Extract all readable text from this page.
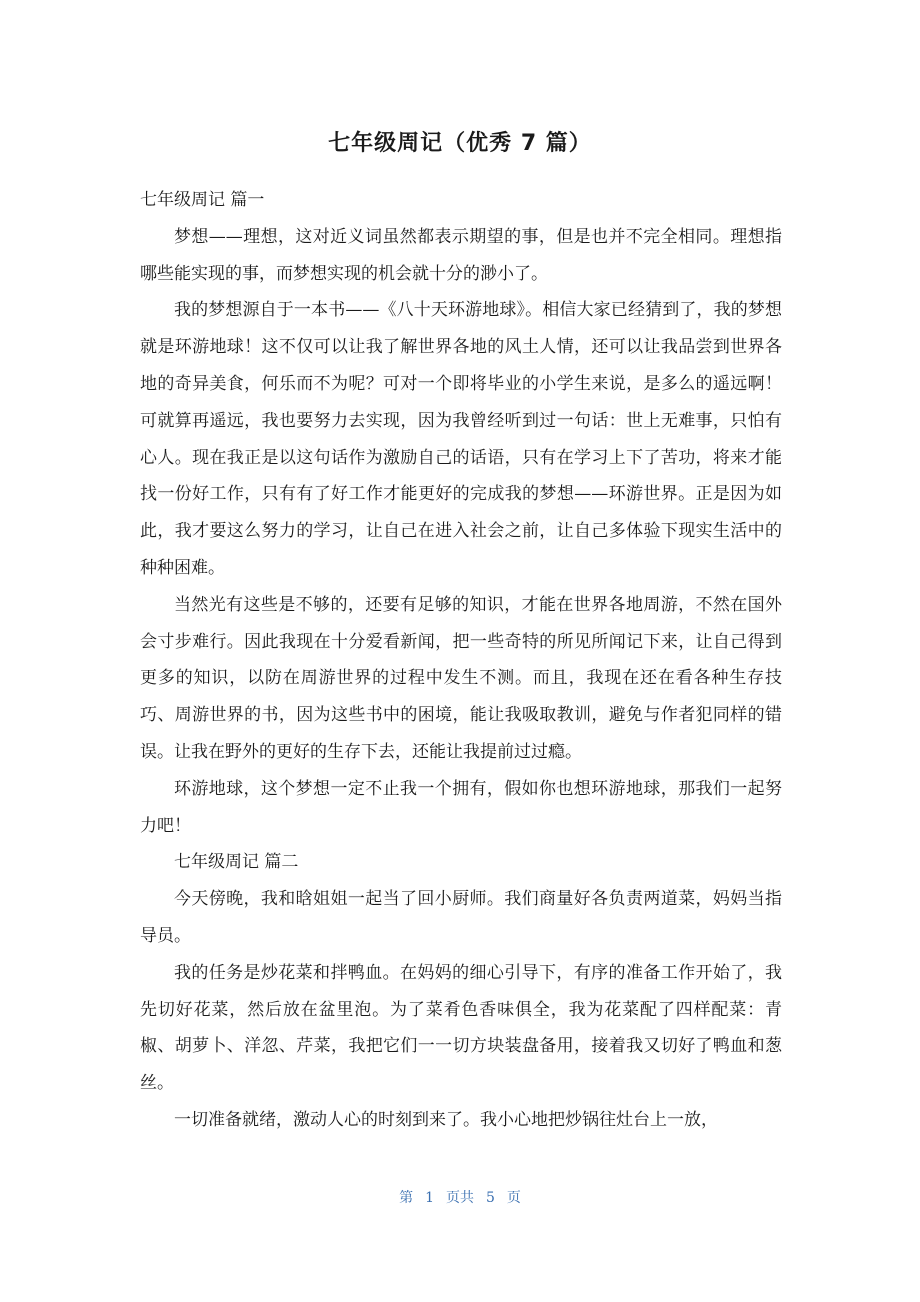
七年级周记（优秀 7 篇）

七年级周记 篇一

梦想——理想，这对近义词虽然都表示期望的事，但是也并不完全相同。理想指哪些能实现的事，而梦想实现的机会就十分的渺小了。

我的梦想源自于一本书——《八十天环游地球》。相信大家已经猜到了，我的梦想就是环游地球！这不仅可以让我了解世界各地的风土人情，还可以让我品尝到世界各地的奇异美食，何乐而不为呢？可对一个即将毕业的小学生来说，是多么的遥远啊！可就算再遥远，我也要努力去实现，因为我曾经听到过一句话：世上无难事，只怕有心人。现在我正是以这句话作为激励自己的话语，只有在学习上下了苦功，将来才能找一份好工作，只有有了好工作才能更好的完成我的梦想——环游世界。正是因为如此，我才要这么努力的学习，让自己在进入社会之前，让自己多体验下现实生活中的种种困难。

当然光有这些是不够的，还要有足够的知识，才能在世界各地周游，不然在国外会寸步难行。因此我现在十分爱看新闻，把一些奇特的所见所闻记下来，让自己得到更多的知识，以防在周游世界的过程中发生不测。而且，我现在还在看各种生存技巧、周游世界的书，因为这些书中的困境，能让我吸取教训，避免与作者犯同样的错误。让我在野外的更好的生存下去，还能让我提前过过瘾。

环游地球，这个梦想一定不止我一个拥有，假如你也想环游地球，那我们一起努力吧！

七年级周记 篇二

今天傍晚，我和晗姐姐一起当了回小厨师。我们商量好各负责两道菜，妈妈当指导员。

我的任务是炒花菜和拌鸭血。在妈妈的细心引导下，有序的准备工作开始了，我先切好花菜，然后放在盆里泡。为了菜肴色香味俱全，我为花菜配了四样配菜：青椒、胡萝卜、洋忽、芹菜，我把它们一一切方块装盘备用，接着我又切好了鸭血和葱丝。

一切准备就绪，激动人心的时刻到来了。我小心地把炒锅往灶台上一放，

第 1 页共 5 页
